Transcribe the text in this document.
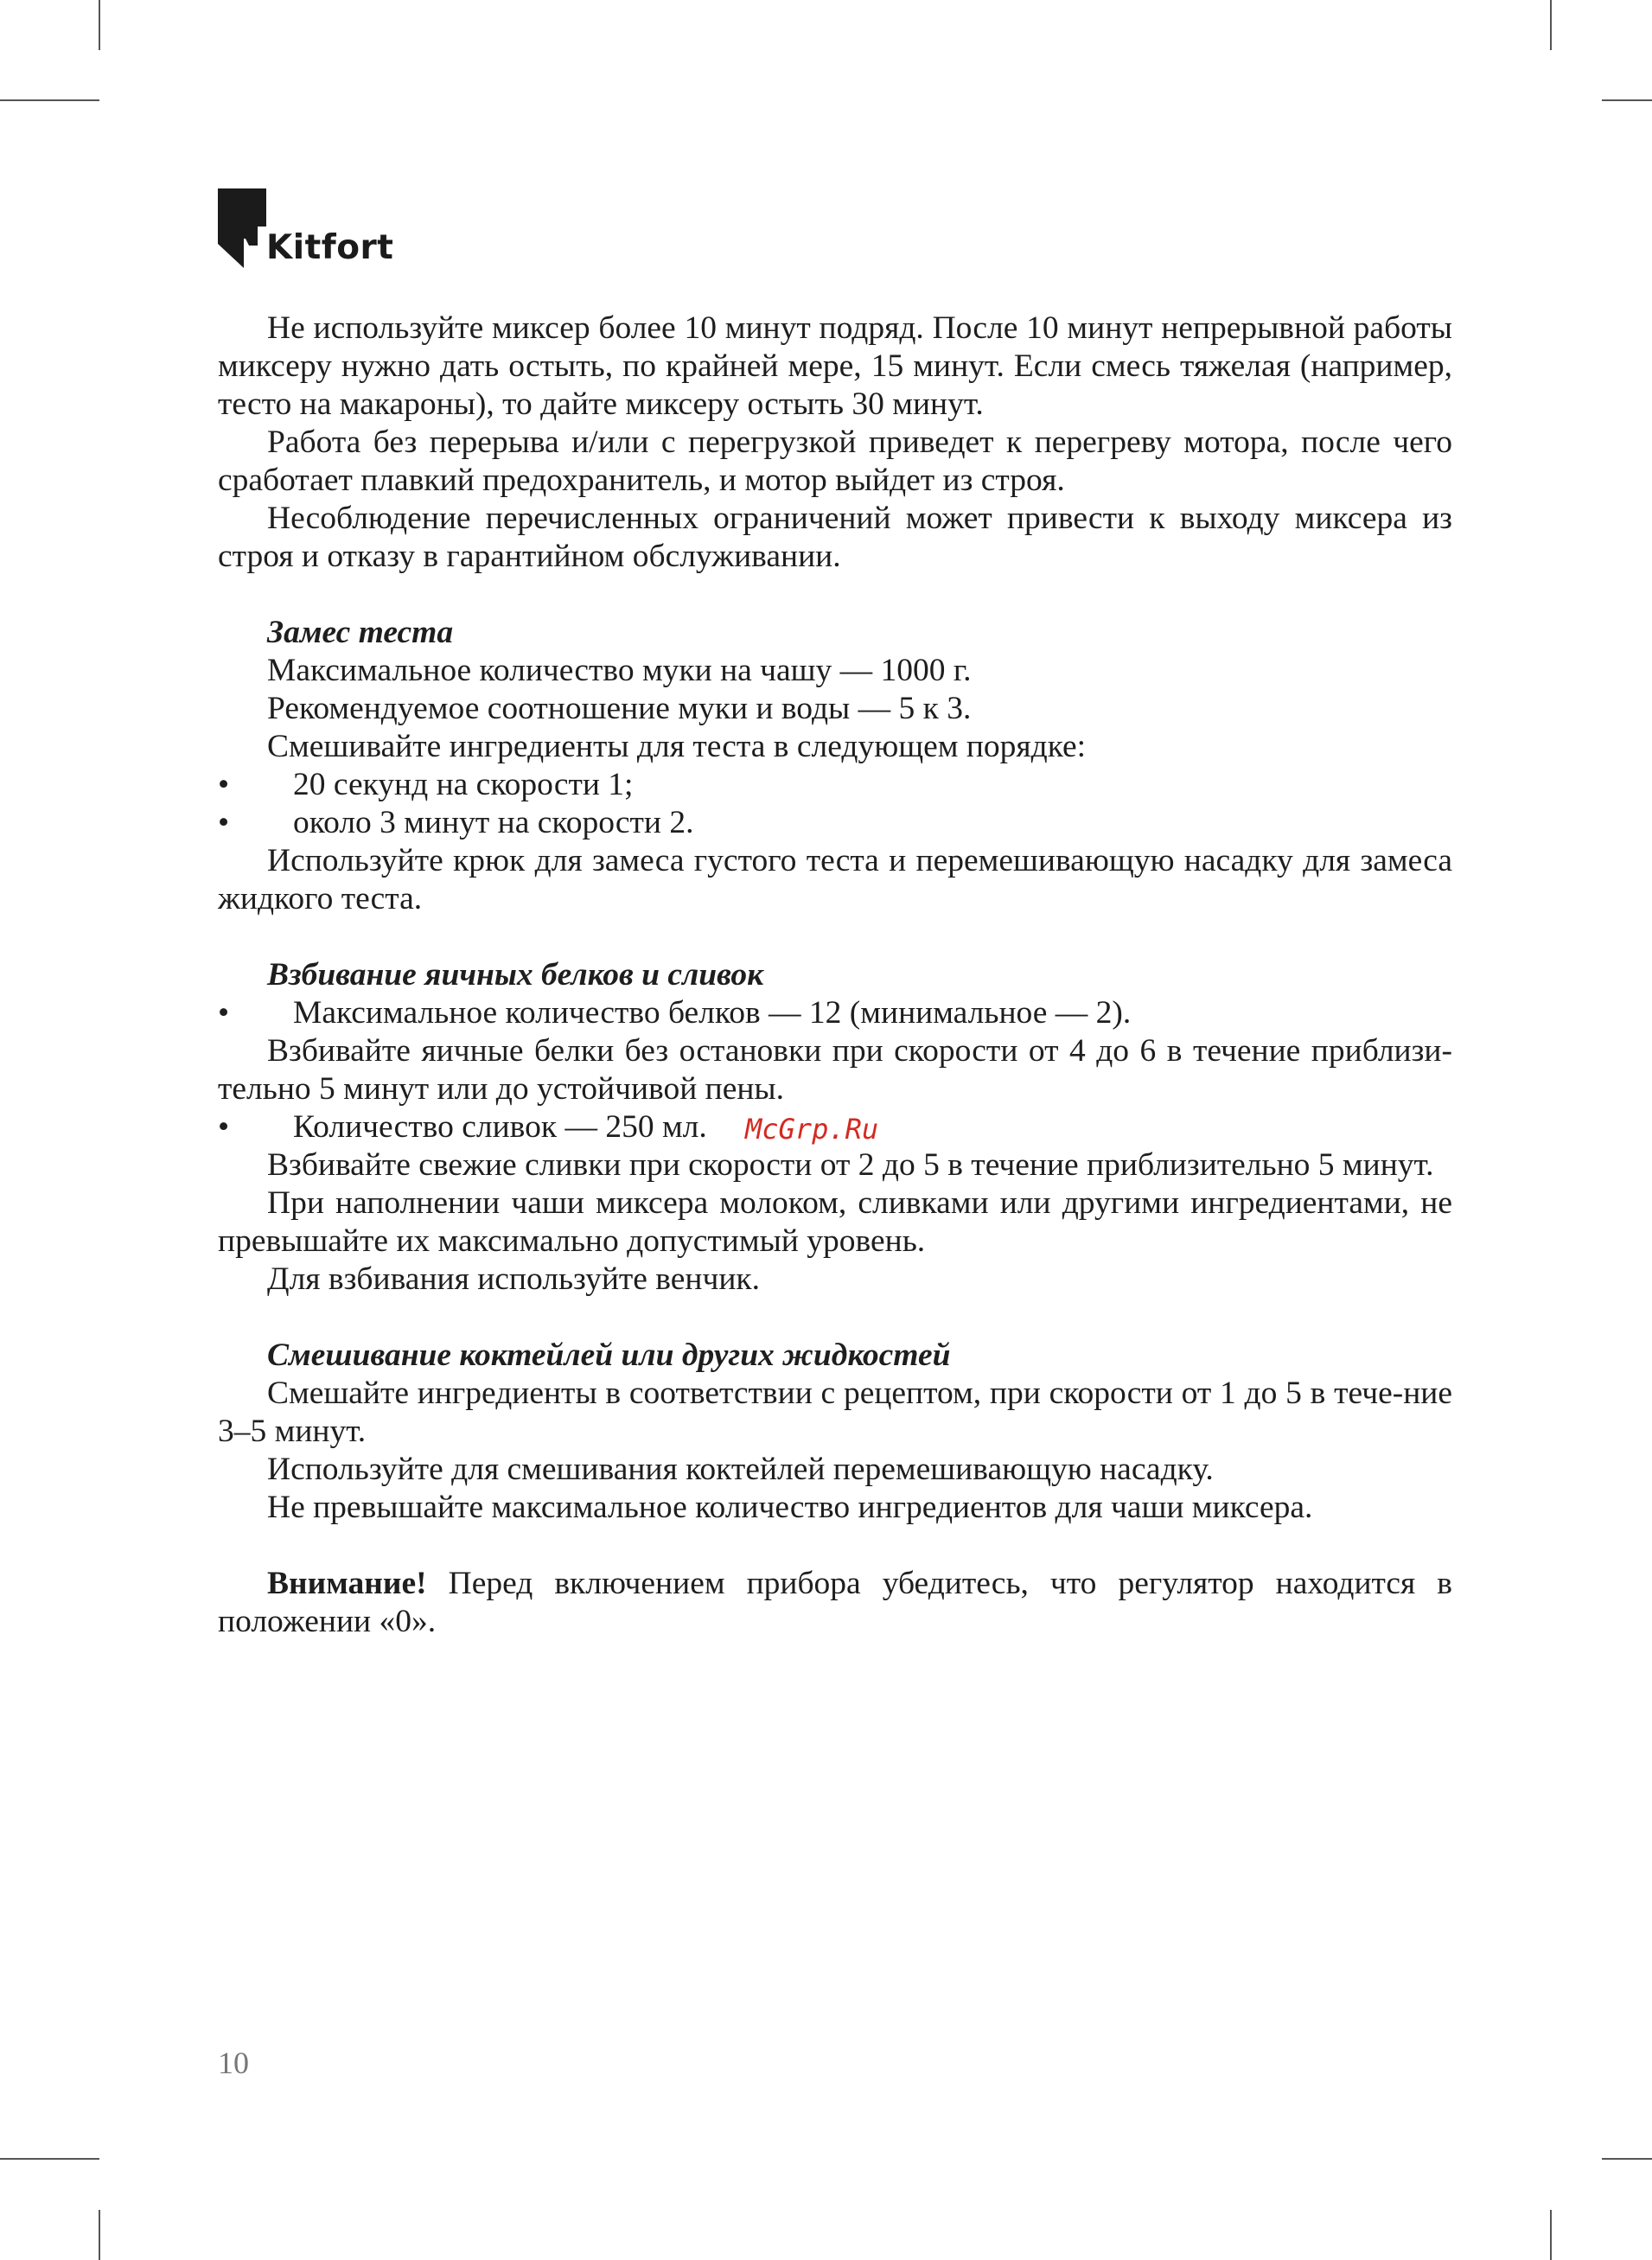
Kitfort

Не используйте миксер более 10 минут подряд. После 10 минут непрерывной работы миксеру нужно дать остыть, по крайней мере, 15 минут. Если смесь тяжелая (например, тесто на макароны), то дайте миксеру остыть 30 минут.

Работа без перерыва и/или с перегрузкой приведет к перегреву мотора, после чего сработает плавкий предохранитель, и мотор выйдет из строя.

Несоблюдение перечисленных ограничений может привести к выходу миксера из строя и отказу в гарантийном обслуживании.

Замес теста

Максимальное количество муки на чашу — 1000 г.

Рекомендуемое соотношение муки и воды — 5 к 3.

Смешивайте ингредиенты для теста в следующем порядке:

•	20 секунд на скорости 1;
•	около 3 минут на скорости 2.

Используйте крюк для замеса густого теста и перемешивающую насадку для замеса жидкого теста.

Взбивание яичных белков и сливок

•	Максимальное количество белков — 12 (минимальное — 2).

Взбивайте яичные белки без остановки при скорости от 4 до 6 в течение приблизи-тельно 5 минут или до устойчивой пены.

•	Количество сливок — 250 мл.

Взбивайте свежие сливки при скорости от 2 до 5 в течение приблизительно 5 минут.

При наполнении чаши миксера молоком, сливками или другими ингредиентами, не превышайте их максимально допустимый уровень.

Для взбивания используйте венчик.

Смешивание коктейлей или других жидкостей

Смешайте ингредиенты в соответствии с рецептом, при скорости от 1 до 5 в тече-ние 3–5 минут.

Используйте для смешивания коктейлей перемешивающую насадку.

Не превышайте максимальное количество ингредиентов для чаши миксера.

Внимание! Перед включением прибора убедитесь, что регулятор находится в положении «0».

McGrp.Ru
10
